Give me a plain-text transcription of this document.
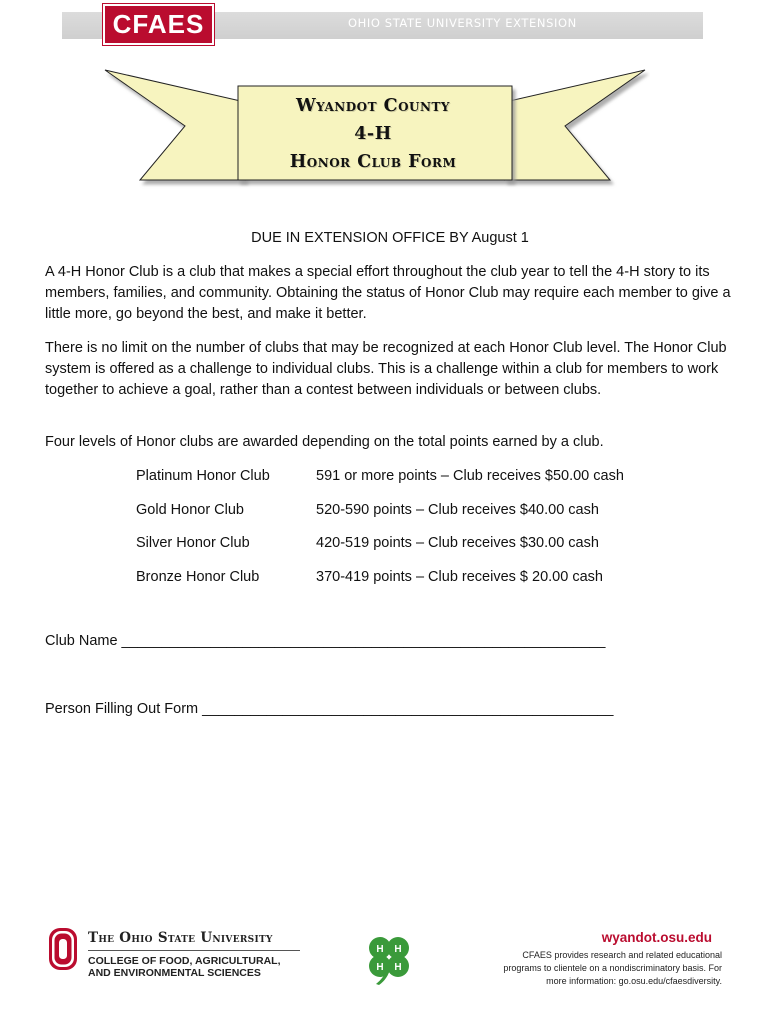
CFAES	OHIO STATE UNIVERSITY EXTENSION
Wyandot County
4-H
Honor Club Form
DUE IN EXTENSION OFFICE BY August 1
A 4-H Honor Club is a club that makes a special effort throughout the club year to tell the 4-H story to its members, families, and community. Obtaining the status of Honor Club may require each member to give a little more, go beyond the best, and make it better.
There is no limit on the number of clubs that may be recognized at each Honor Club level. The Honor Club system is offered as a challenge to individual clubs. This is a challenge within a club for members to work together to achieve a goal, rather than a contest between individuals or between clubs.
Four levels of Honor clubs are awarded depending on the total points earned by a club.
Platinum Honor Club	591 or more points – Club receives $50.00 cash
Gold Honor Club	520-590 points – Club receives $40.00 cash
Silver Honor Club	420-519 points – Club receives $30.00 cash
Bronze Honor Club	370-419 points – Club receives $ 20.00 cash
Club Name ____________________________________________________________
Person Filling Out Form ___________________________________________________
The Ohio State University
COLLEGE OF FOOD, AGRICULTURAL,
AND ENVIRONMENTAL SCIENCES
H H
H H
wyandot.osu.edu
CFAES provides research and related educational
programs to clientele on a nondiscriminatory basis. For
more information: go.osu.edu/cfaesdiversity.
